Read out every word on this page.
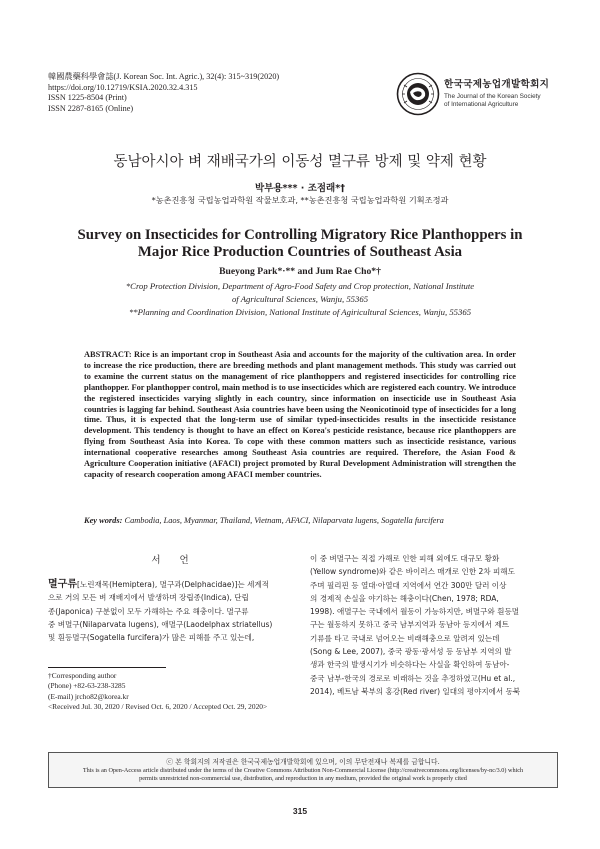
韓國農藥科學會誌(J. Korean Soc. Int. Agric.), 32(4): 315~319(2020)
https://doi.org/10.12719/KSIA.2020.32.4.315
ISSN 1225-8504 (Print)
ISSN 2287-8165 (Online)
한국국제농업개발학회지
The Journal of the Korean Society
of International Agriculture
동남아시아 벼 재배국가의 이동성 멸구류 방제 및 약제 현황
박부용*** · 조점래*†
*농촌진흥청 국립농업과학원 작물보호과, **농촌진흥청 국립농업과학원 기획조정과
Survey on Insecticides for Controlling Migratory Rice Planthoppers in
Major Rice Production Countries of Southeast Asia
Bueyong Park*·** and Jum Rae Cho*†
*Crop Protection Division, Department of Agro-Food Safety and Crop protection, National Institute
of Agricultural Sciences, Wanju, 55365
**Planning and Coordination Division, National Institute of Agiricultural Sciences, Wanju, 55365
ABSTRACT: Rice is an important crop in Southeast Asia and accounts for the majority of the cultivation area. In order to increase the rice production, there are breeding methods and plant management methods. This study was carried out to examine the current status on the management of rice planthoppers and registered insecticides for controlling rice planthopper. For planthopper control, main method is to use insecticides which are registered each country. We introduce the registered insecticides varying slightly in each country, since information on insecticide use in Southeast Asia countries is lagging far behind. Southeast Asia countries have been using the Neonicotinoid type of insecticides for a long time. Thus, it is expected that the long-term use of similar typed-insecticides results in the insecticide resistance development. This tendency is thought to have an effect on Korea's pesticide resistance, because rice planthoppers are flying from Southeast Asia into Korea. To cope with these common matters such as insecticide resistance, various international cooperative researches among Southeast Asia countries are required. Therefore, the Asian Food & Agriculture Cooperation initiative (AFACI) project promoted by Rural Development Administration will strengthen the capacity of research cooperation among AFACI member countries.
Key words: Cambodia, Laos, Myanmar, Thailand, Vietnam, AFACI, Nilaparvata lugens, Sogatella furcifera
서 언
멸구류[노린재목(Hemiptera), 멸구과(Delphacidae)]는 세계적
으로 거의 모든 벼 재배지에서 발생하며 장립종(Indica), 단립
종(Japonica) 구분없이 모두 가해하는 주요 해충이다. 멸구류
중 벼멸구(Nilaparvata lugens), 애멸구(Laodelphax striatellus)
및 흰등멸구(Sogatella furcifera)가 많은 피해를 주고 있는데,
†Corresponding author
(Phone) +82-63-238-3285
(E-mail) jrcho82@korea.kr
<Received Jul. 30, 2020 / Revised Oct. 6, 2020 / Accepted Oct. 29, 2020>
이 중 벼멸구는 직접 가해로 인한 피해 외에도 대규모 황화
(Yellow syndrome)와 같은 바이러스 매개로 인한 2차 피해도
주며 필리핀 등 열대·아열대 지역에서 연간 300만 달러 이상
의 경제적 손실을 야기하는 해충이다(Chen, 1978; RDA,
1998). 애멸구는 국내에서 월동이 가능하지만, 벼멸구와 흰등멸
구는 월동하지 못하고 중국 남부지역과 동남아 등지에서 제트
기류를 타고 국내로 넘어오는 비래해충으로 알려져 있는데
(Song & Lee, 2007), 중국 광동·광서성 등 동남부 지역의 발
생과 한국의 발생시기가 비슷하다는 사실을 확인하여 동남아-
중국 남부-한국의 경로로 비래하는 것을 추정하였고(Hu et al.,
2014), 베트남 북부의 홍강(Red river) 일대의 평야지에서 동북
ⓒ 본 학회지의 저작권은 한국국제농업개발학회에 있으며, 이의 무단전재나 복제를 금합니다.
This is an Open-Access article distributed under the terms of the Creative Commons Attribution Non-Commercial License (http://creativecommons.org/licenses/by-nc/3.0) which
permits unrestricted non-commercial use, distribution, and reproduction in any medium, provided the original work is properly cited
315
